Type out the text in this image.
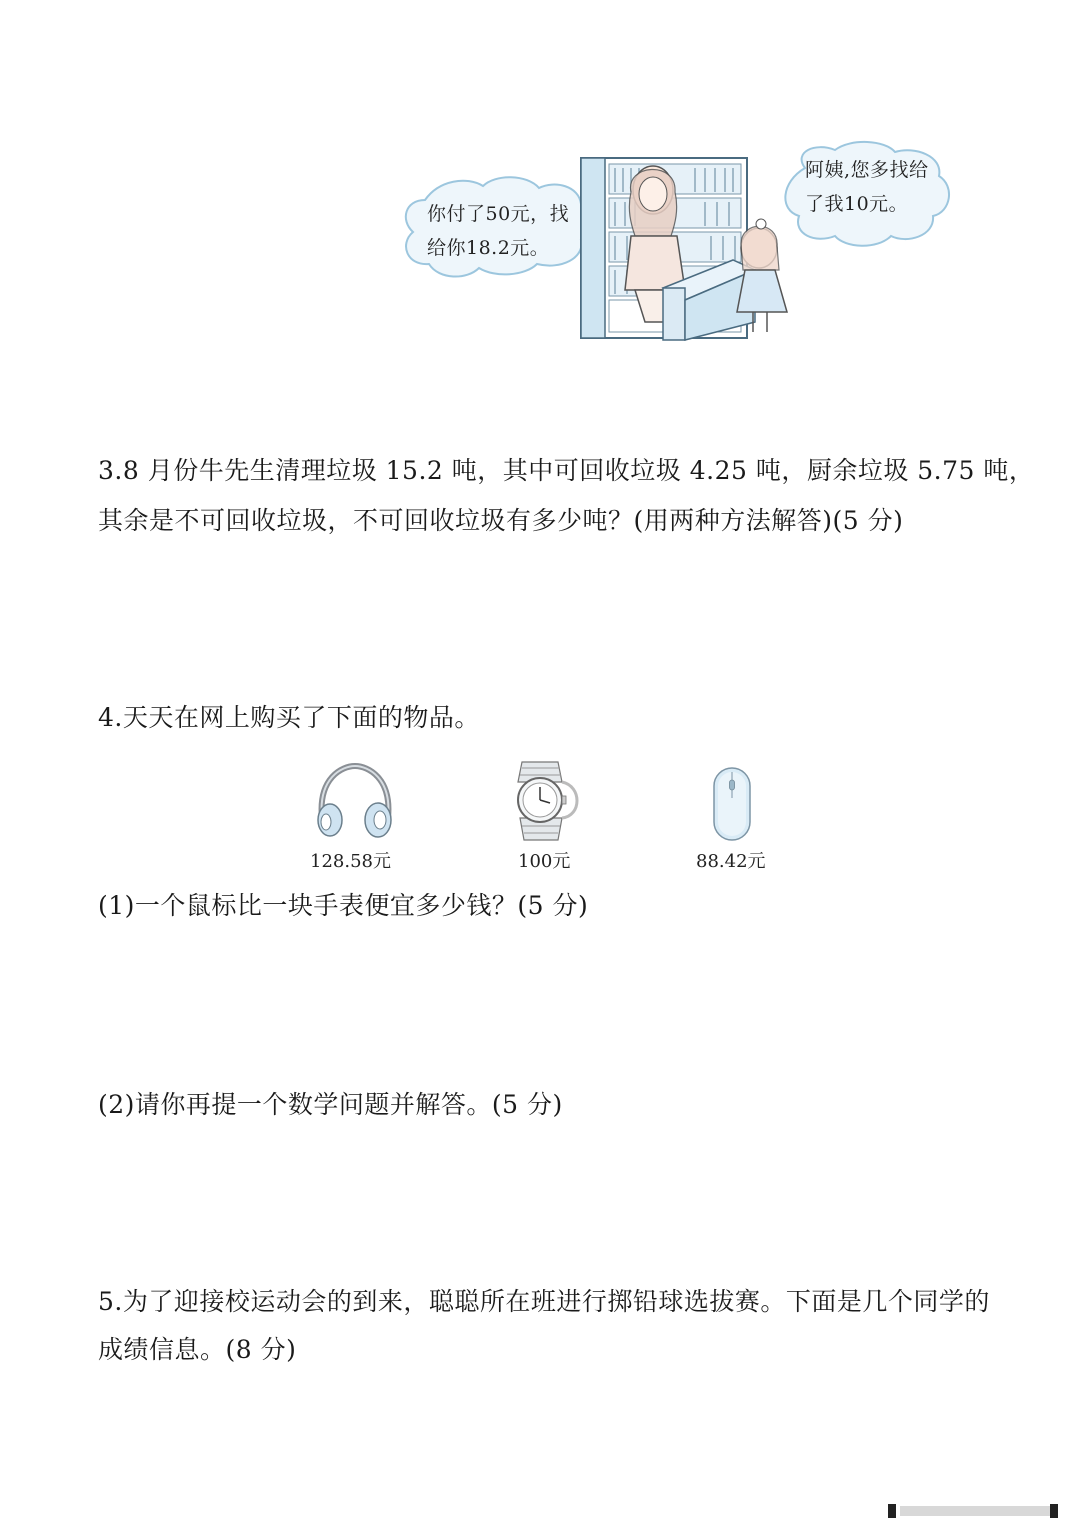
你付了50元，找
给你18.2元。
阿姨,您多找给
了我10元。
3.8 月份牛先生清理垃圾 15.2 吨，其中可回收垃圾 4.25 吨，厨余垃圾 5.75 吨，
其余是不可回收垃圾，不可回收垃圾有多少吨？(用两种方法解答)(5 分)
4.天天在网上购买了下面的物品。
128.58元	100元	88.42元
(1)一个鼠标比一块手表便宜多少钱？(5 分)
(2)请你再提一个数学问题并解答。(5 分)
5.为了迎接校运动会的到来，聪聪所在班进行掷铅球选拔赛。下面是几个同学的
成绩信息。(8 分)
